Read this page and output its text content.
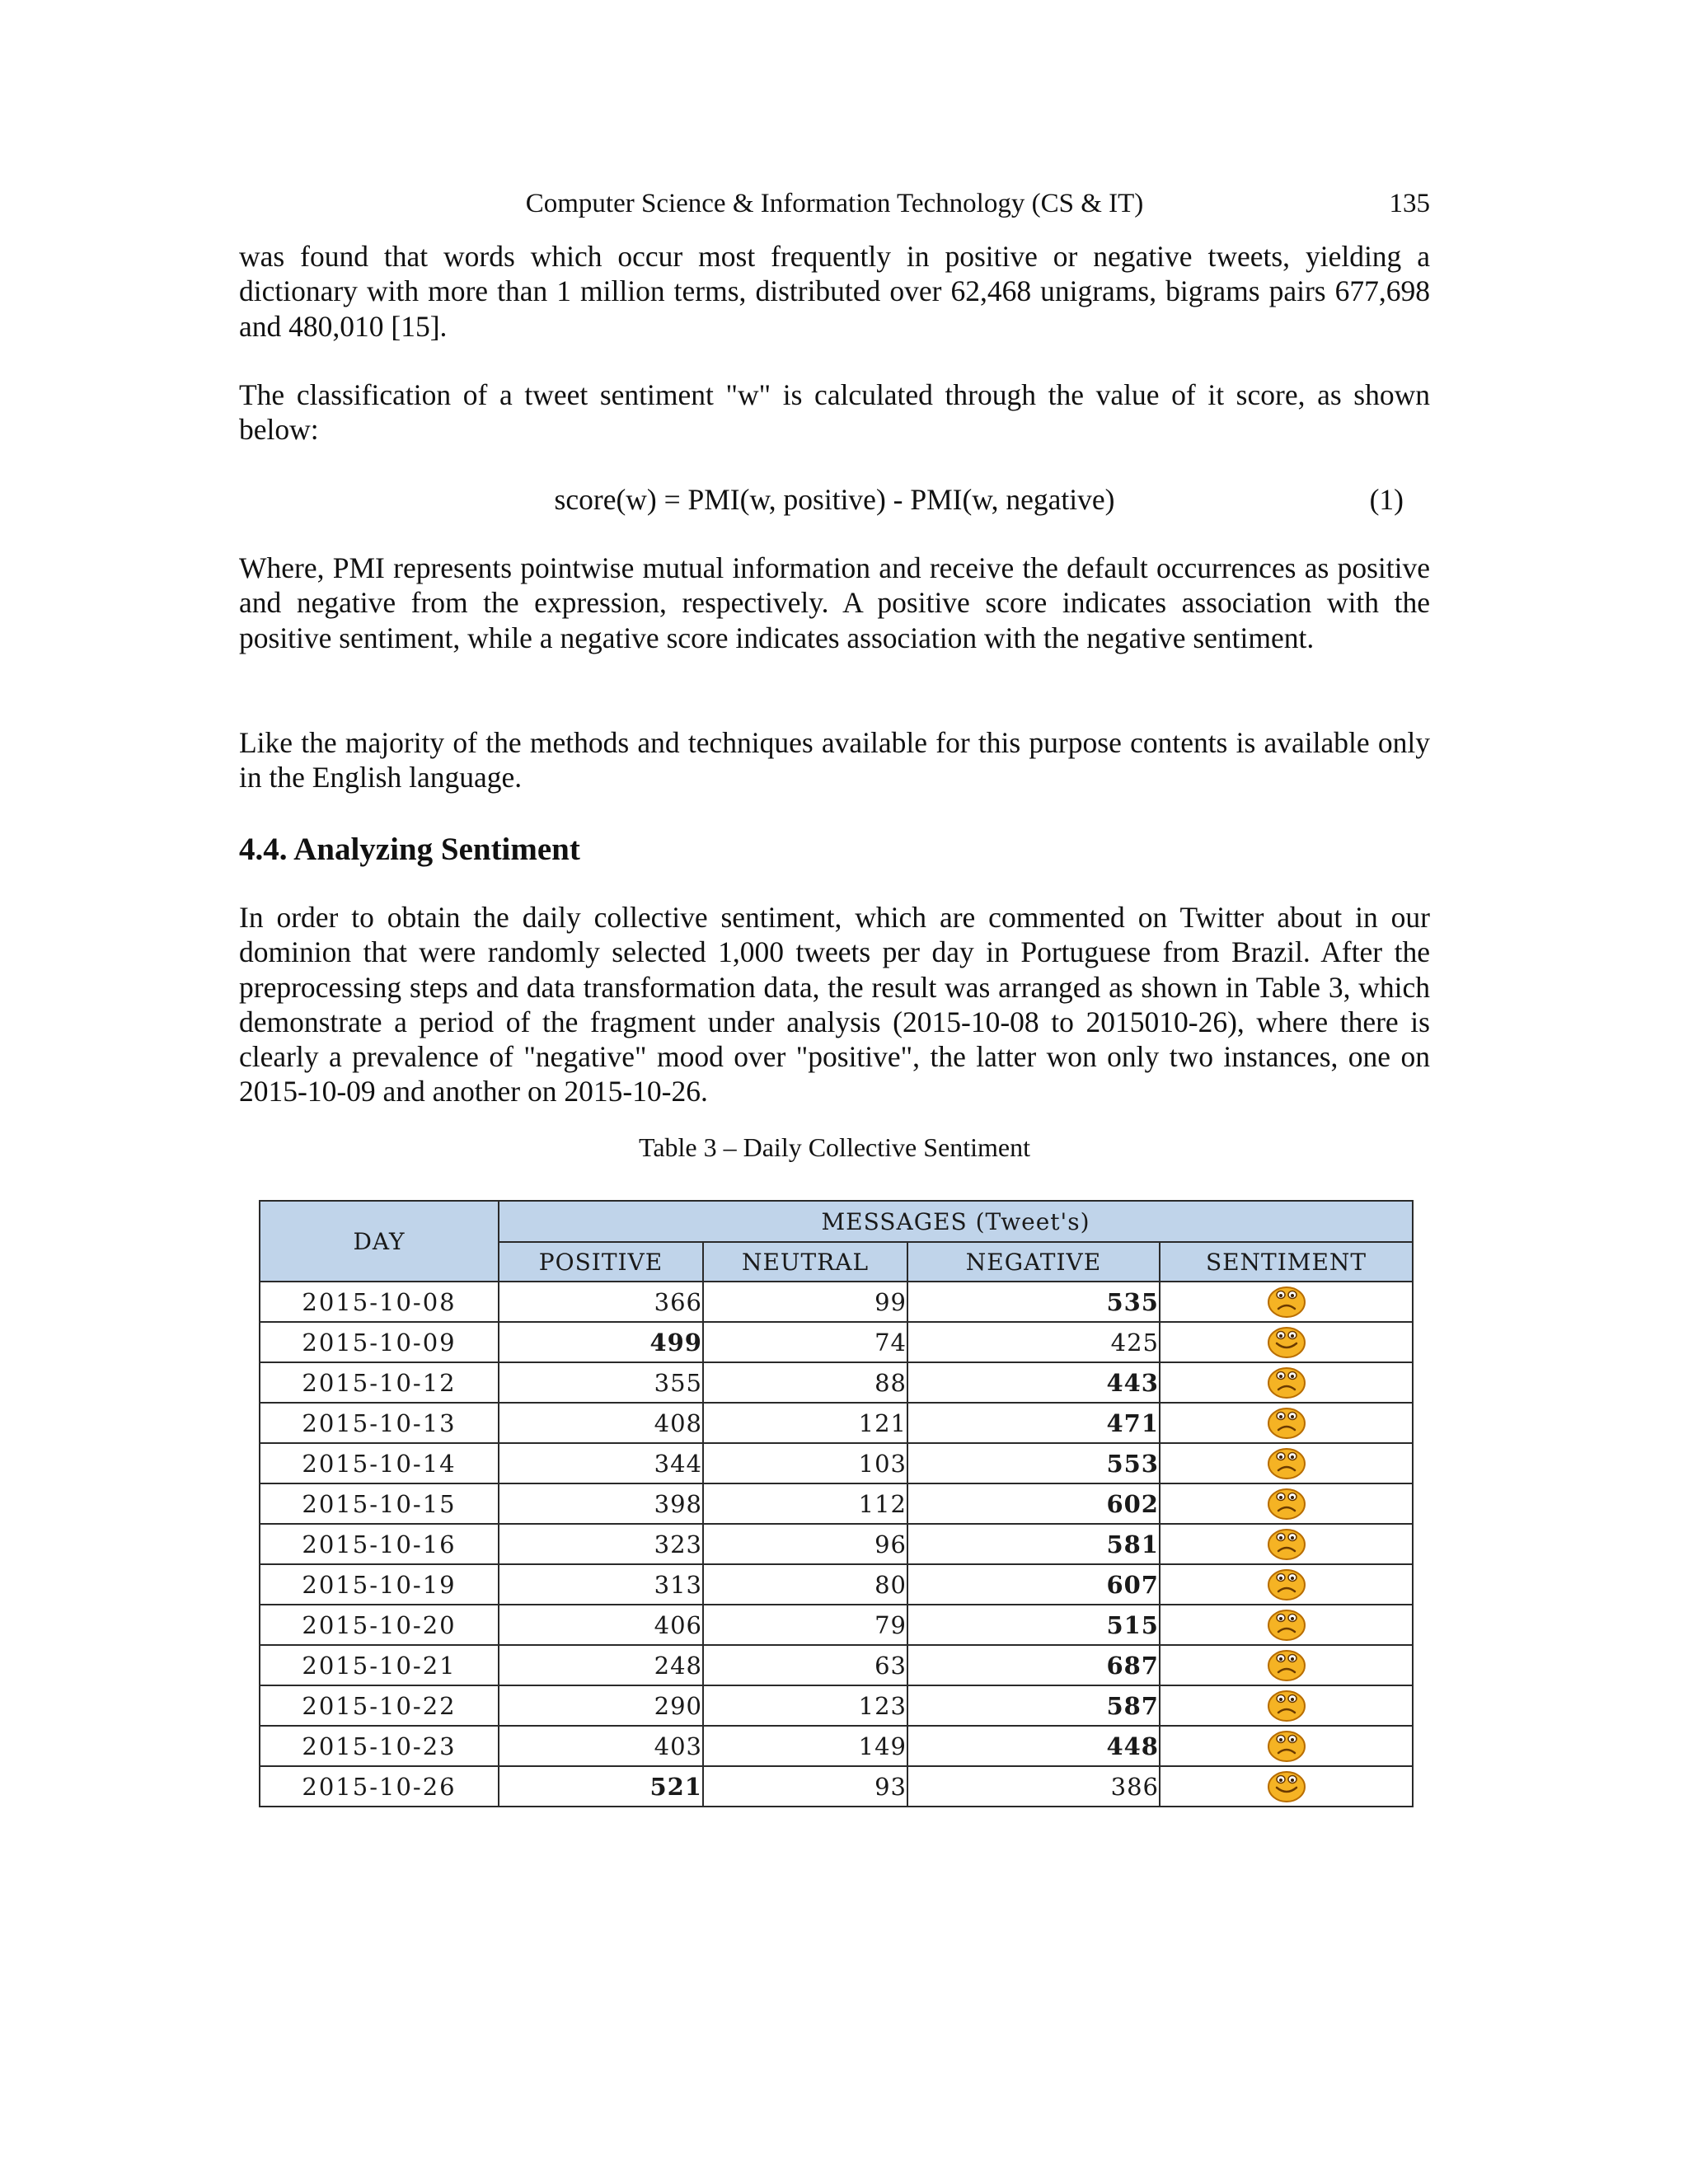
Computer Science & Information Technology (CS & IT)	135

was found that words which occur most frequently in positive or negative tweets, yielding a dictionary with more than 1 million terms, distributed over 62,468 unigrams, bigrams pairs 677,698 and 480,010 [15].

The classification of a tweet sentiment "w" is calculated through the value of it score, as shown below:

score(w) = PMI(w, positive) - PMI(w, negative)	(1)

Where, PMI represents pointwise mutual information and receive the default occurrences as positive and negative from the expression, respectively. A positive score indicates association with the positive sentiment, while a negative score indicates association with the negative sentiment.

Like the majority of the methods and techniques available for this purpose contents is available only in the English language.

4.4. Analyzing Sentiment

In order to obtain the daily collective sentiment, which are commented on Twitter about in our dominion that were randomly selected 1,000 tweets per day in Portuguese from Brazil. After the preprocessing steps and data transformation data, the result was arranged as shown in Table 3, which demonstrate a period of the fragment under analysis (2015-10-08 to 2015010-26), where there is clearly a prevalence of "negative" mood over "positive", the latter won only two instances, one on 2015-10-09 and another on 2015-10-26.

Table 3 – Daily Collective Sentiment

DAY	MESSAGES (Tweet's)			
	POSITIVE	NEUTRAL	NEGATIVE	SENTIMENT
2015-10-08	366	99	535	
2015-10-09	499	74	425	
2015-10-12	355	88	443	
2015-10-13	408	121	471	
2015-10-14	344	103	553	
2015-10-15	398	112	602	
2015-10-16	323	96	581	
2015-10-19	313	80	607	
2015-10-20	406	79	515	
2015-10-21	248	63	687	
2015-10-22	290	123	587	
2015-10-23	403	149	448	
2015-10-26	521	93	386	
